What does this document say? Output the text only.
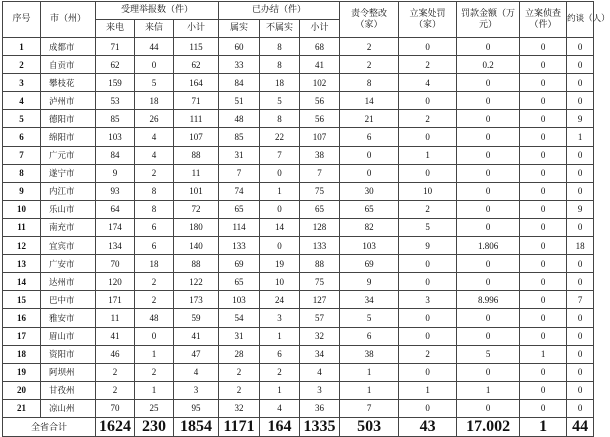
序号	市（州）	受理举报数（件）			已办结（件）			责令整改（家）	立案处罚（家）	罚款金额（万元）	立案侦查（件）	约谈（人）
		来电	来信	小计	属实	不属实	小计					
1	成都市	71	44	115	60	8	68	2	0	0	0	0
2	自贡市	62	0	62	33	8	41	2	2	0.2	0	0
3	攀枝花	159	5	164	84	18	102	8	4	0	0	0
4	泸州市	53	18	71	51	5	56	14	0	0	0	0
5	德阳市	85	26	111	48	8	56	21	2	0	0	9
6	绵阳市	103	4	107	85	22	107	6	0	0	0	1
7	广元市	84	4	88	31	7	38	0	1	0	0	0
8	遂宁市	9	2	11	7	0	7	0	0	0	0	0
9	内江市	93	8	101	74	1	75	30	10	0	0	0
10	乐山市	64	8	72	65	0	65	65	2	0	0	9
11	南充市	174	6	180	114	14	128	82	5	0	0	0
12	宜宾市	134	6	140	133	0	133	103	9	1.806	0	18
13	广安市	70	18	88	69	19	88	69	0	0	0	0
14	达州市	120	2	122	65	10	75	9	0	0	0	0
15	巴中市	171	2	173	103	24	127	34	3	8.996	0	7
16	雅安市	11	48	59	54	3	57	5	0	0	0	0
17	眉山市	41	0	41	31	1	32	6	0	0	0	0
18	资阳市	46	1	47	28	6	34	38	2	5	1	0
19	阿坝州	2	2	4	2	2	4	1	0	0	0	0
20	甘孜州	2	1	3	2	1	3	1	1	1	0	0
21	凉山州	70	25	95	32	4	36	7	0	0	0	0
全省合计		1624	230	1854	1171	164	1335	503	43	17.002	1	44
